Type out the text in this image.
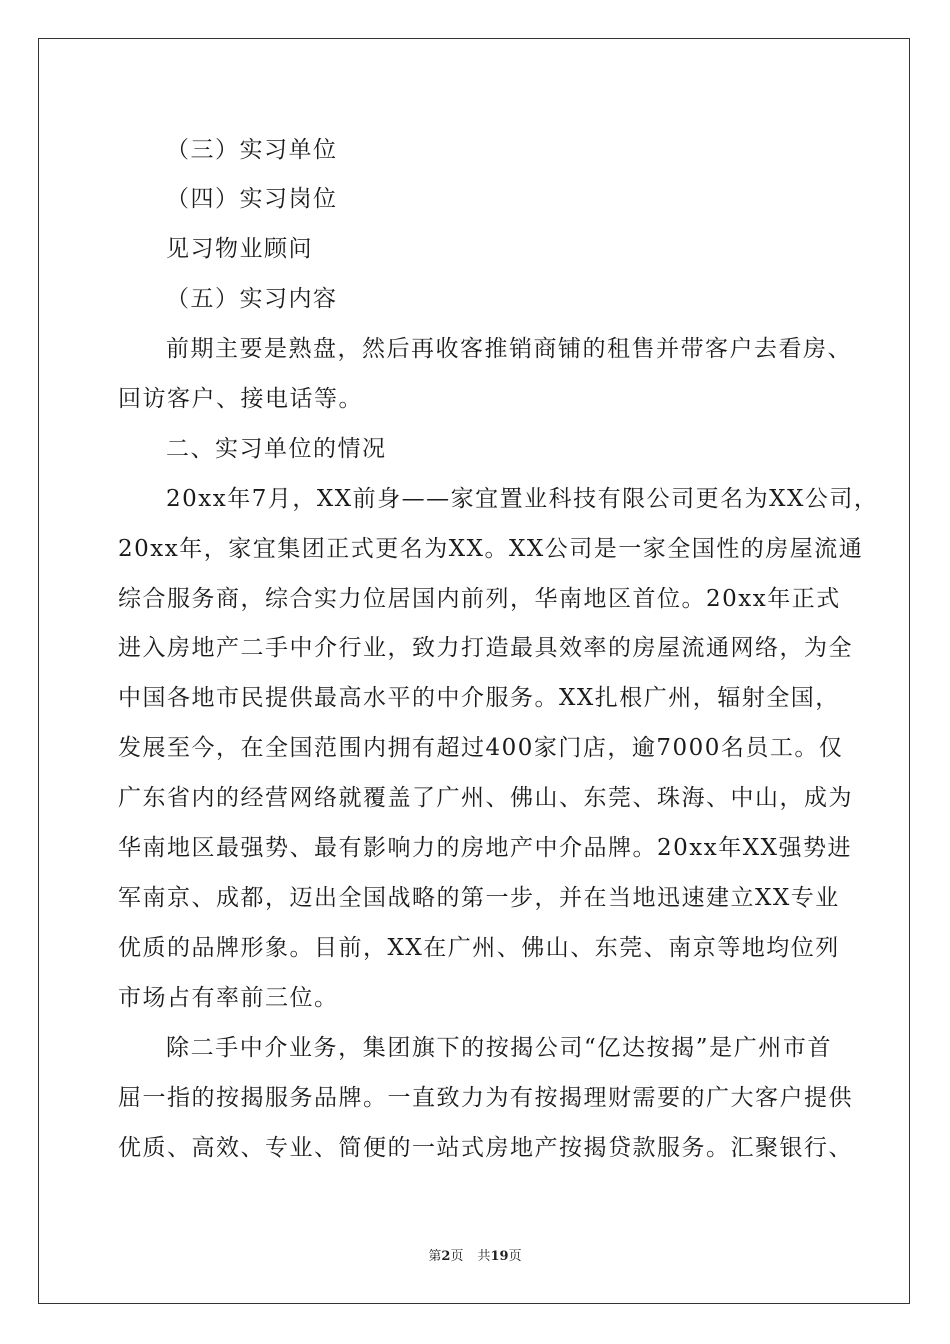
（三）实习单位
（四）实习岗位
见习物业顾问
（五）实习内容
前期主要是熟盘，然后再收客推销商铺的租售并带客户去看房、
回访客户、接电话等。
二、实习单位的情况
20xx年7月，XX前身——家宜置业科技有限公司更名为XX公司，
20xx年，家宜集团正式更名为XX。XX公司是一家全国性的房屋流通
综合服务商，综合实力位居国内前列，华南地区首位。20xx年正式
进入房地产二手中介行业，致力打造最具效率的房屋流通网络，为全
中国各地市民提供最高水平的中介服务。XX扎根广州，辐射全国，
发展至今，在全国范围内拥有超过400家门店，逾7000名员工。仅
广东省内的经营网络就覆盖了广州、佛山、东莞、珠海、中山，成为
华南地区最强势、最有影响力的房地产中介品牌。20xx年XX强势进
军南京、成都，迈出全国战略的第一步，并在当地迅速建立XX专业
优质的品牌形象。目前，XX在广州、佛山、东莞、南京等地均位列
市场占有率前三位。
除二手中介业务，集团旗下的按揭公司“亿达按揭”是广州市首
屈一指的按揭服务品牌。一直致力为有按揭理财需要的广大客户提供
优质、高效、专业、简便的一站式房地产按揭贷款服务。汇聚银行、
第2页 共19页
